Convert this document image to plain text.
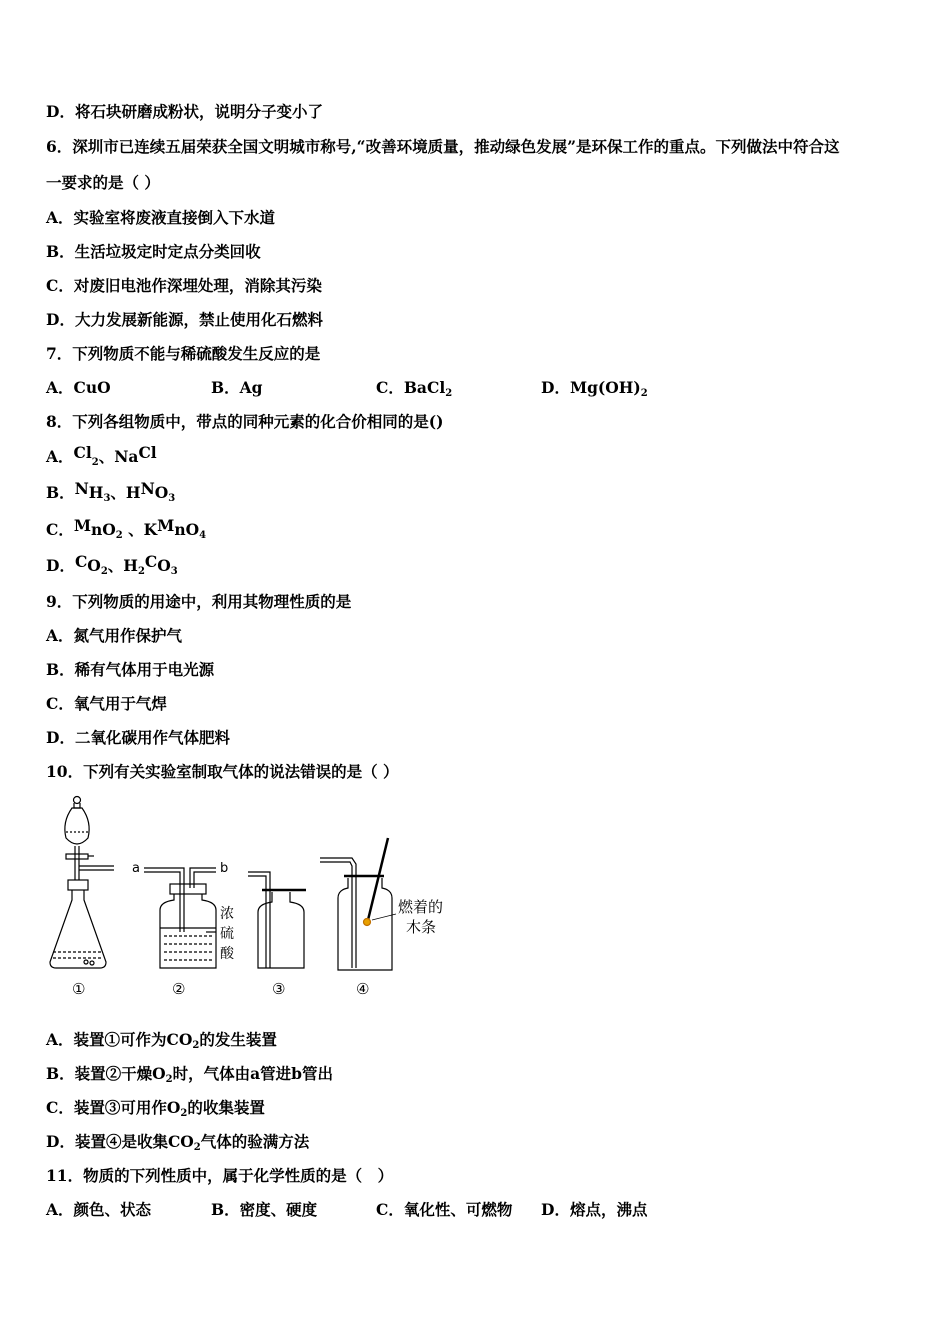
D．将石块研磨成粉状，说明分子变小了
6．深圳市已连续五届荣获全国文明城市称号,“改善环境质量，推动绿色发展”是环保工作的重点。下列做法中符合这
一要求的是（ ）
A．实验室将废液直接倒入下水道
B．生活垃圾定时定点分类回收
C．对废旧电池作深埋处理，消除其污染
D．大力发展新能源，禁止使用化石燃料
7．下列物质不能与稀硫酸发生反应的是
A．CuO	B．Ag	C．BaCl$_2$	D．$Mg(OH)_2$
8．下列各组物质中，带点的同种元素的化合价相同的是()
A．$Cl_2$、NaCl
B．$NH_3$、$HNO_3$
C．MnO$_2$ 、KMnO$_4$
D．$CO_2$、$H_2CO_3$
9．下列物质的用途中，利用其物理性质的是
A．氮气用作保护气
B．稀有气体用于电光源
C．氧气用于气焊
D．二氧化碳用作气体肥料
10．下列有关实验室制取气体的说法错误的是（ ）
a	b
浓
硫
酸
燃着的
木条
①	②	③	④
A．装置①可作为$CO_2$的发生装置
B．装置②干燥$O_2$时，气体由a管进b管出
C．装置③可用作$O_2$的收集装置
D．装置④是收集$CO_2$气体的验满方法
11．物质的下列性质中，属于化学性质的是（　）
A．颜色、状态	B．密度、硬度	C．氧化性、可燃物 D．熔点，沸点
